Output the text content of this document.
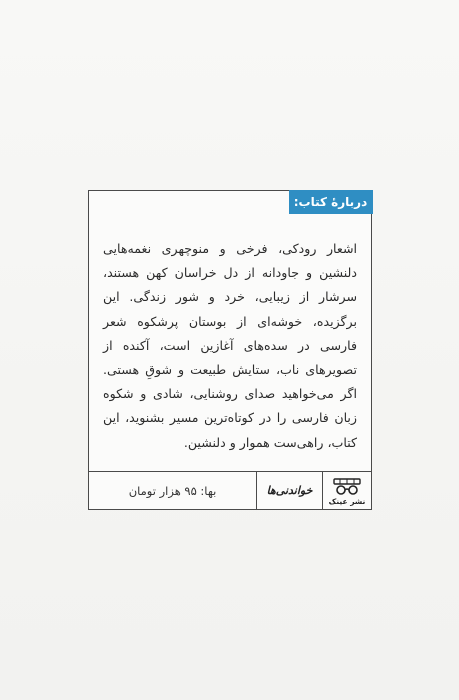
دربارهٔ کتاب:
اشعار رودکی، فرخی و منوچهری نغمه‌هایی دلنشین و جاودانه از دل خراسان کهن هستند، سرشار از زیبایی، خرد و شور زندگی. این برگزیده، خوشه‌ای از بوستان پرشکوه شعر فارسی در سده‌های آغازین است، آکنده از تصویرهای ناب، ستایش طبیعت و شوقِ هستی. اگر می‌خواهید صدای روشنایی، شادی و شکوه زبان فارسی را در کوتاه‌ترین مسیر بشنوید، این کتاب، راهی‌ست هموار و دلنشین.
بها: ۹۵ هزار تومان	خواندنی‌ها
نشر عینک
